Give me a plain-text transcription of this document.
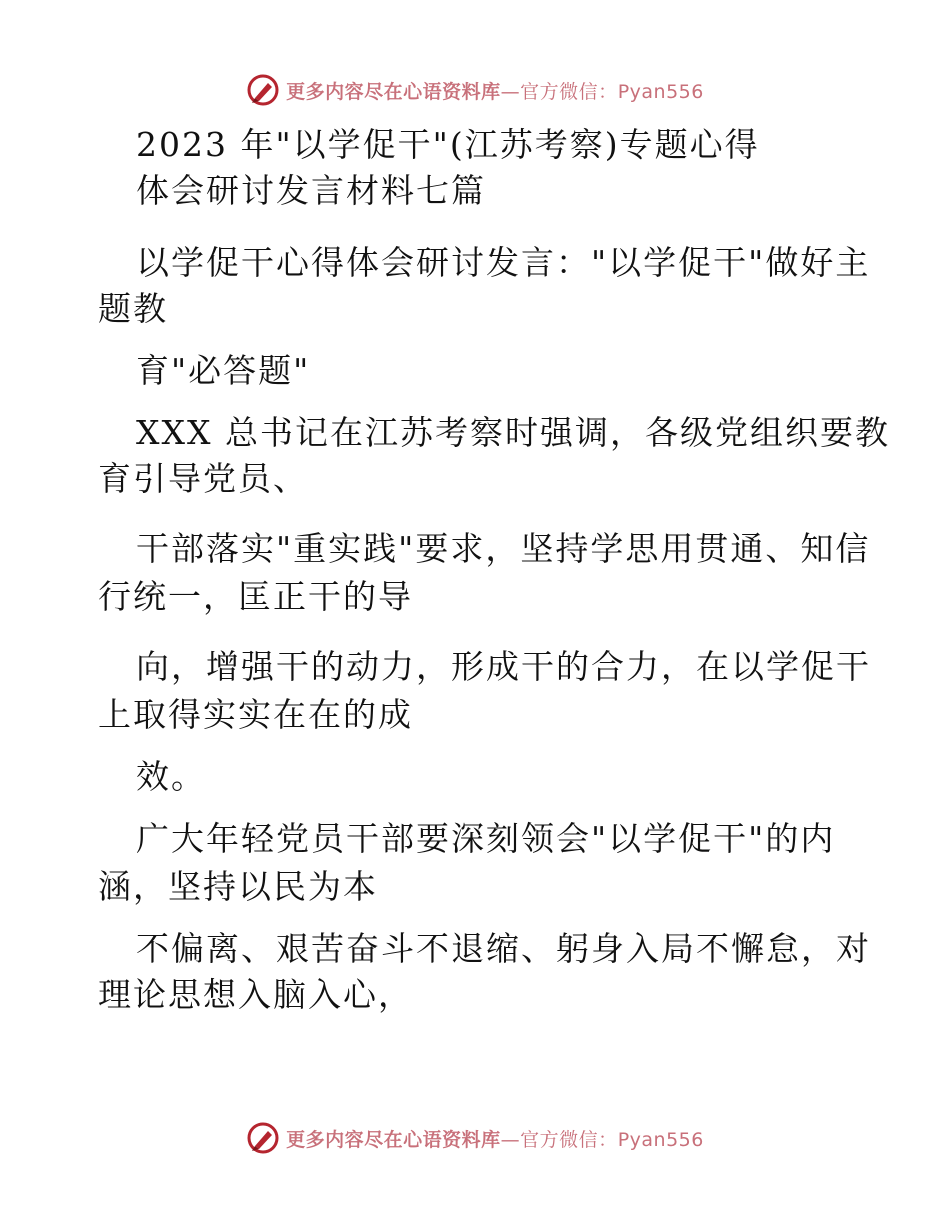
更多内容尽在心语资料库—官方微信：Pyan556
2023 年"以学促干"(江苏考察)专题心得
体会研讨发言材料七篇
以学促干心得体会研讨发言："以学促干"做好主
题教
育"必答题"
XXX 总书记在江苏考察时强调，各级党组织要教
育引导党员、
干部落实"重实践"要求，坚持学思用贯通、知信
行统一，匡正干的导
向，增强干的动力，形成干的合力，在以学促干
上取得实实在在的成
效。
广大年轻党员干部要深刻领会"以学促干"的内
涵，坚持以民为本
不偏离、艰苦奋斗不退缩、躬身入局不懈怠，对
理论思想入脑入心，
更多内容尽在心语资料库—官方微信：Pyan556
